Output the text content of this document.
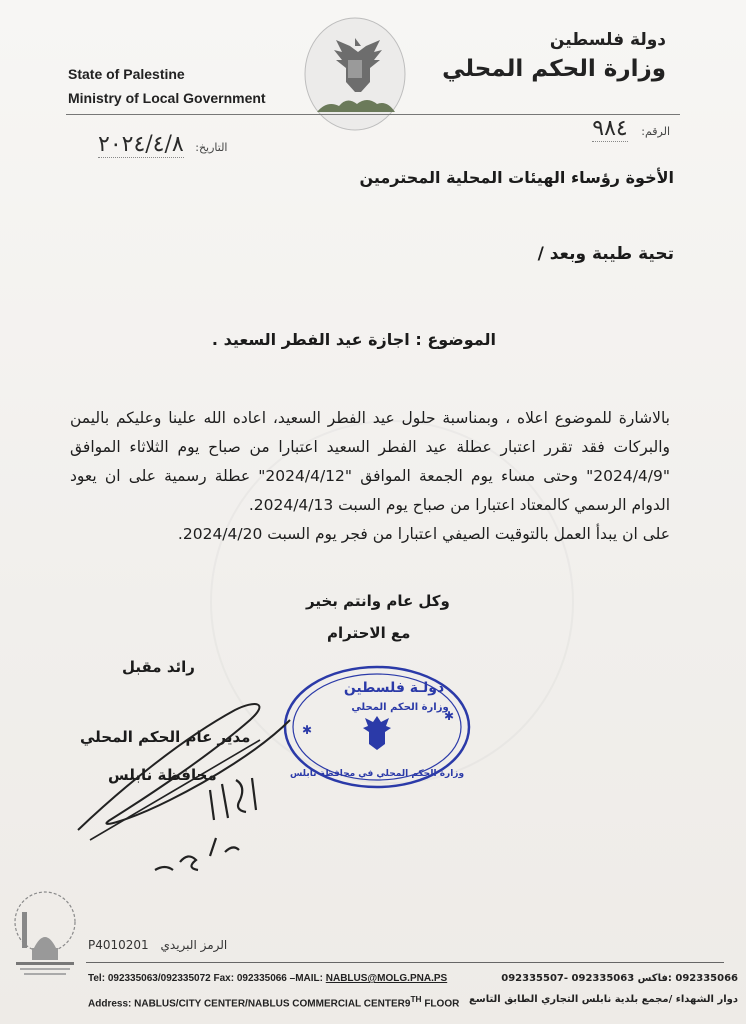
State of Palestine
Ministry of Local Government
دولة فلسطين
وزارة الحكم المحلي
الرقم: ٩٨٤
التاريخ: ٢٠٢٤/٤/٨
الأخوة رؤساء الهيئات المحلية المحترمين
تحية طيبة وبعد /
الموضوع : اجازة عيد الفطر السعيد .

بالاشارة للموضوع اعلاه ، وبمناسبة حلول عيد الفطر السعيد، اعاده الله علينا وعليكم باليمن والبركات فقد تقرر اعتبار عطلة عيد الفطر السعيد اعتبارا من صباح يوم الثلاثاء الموافق "2024/4/9" وحتى مساء يوم الجمعة الموافق "2024/4/12" عطلة رسمية على ان يعود الدوام الرسمي كالمعتاد اعتبارا من صباح يوم السبت 2024/4/13.

على ان يبدأ العمل بالتوقيت الصيفي اعتبارا من فجر يوم السبت 2024/4/20.

وكل عام وانتم بخير
مع الاحترام
رائد مقبل
مدير عام الحكم المحلي
محافظة نابلس
دولـة فلسطين
وزارة الحكم المحلي
وزارة الحكم المحلي في محافظة نابلس
✱
✱
P4010201 الرمز البريدي
Tel: 092335063/092335072 Fax: 092335066 –MAIL: NABLUS@MOLG.PNA.PS
Address: NABLUS/CITY CENTER/NABLUS COMMERCIAL CENTER9TH FLOOR
092335066 :فاكس 092335063 -092335507
دوار الشهداء /مجمع بلدية نابلس التجاري الطابق التاسع
